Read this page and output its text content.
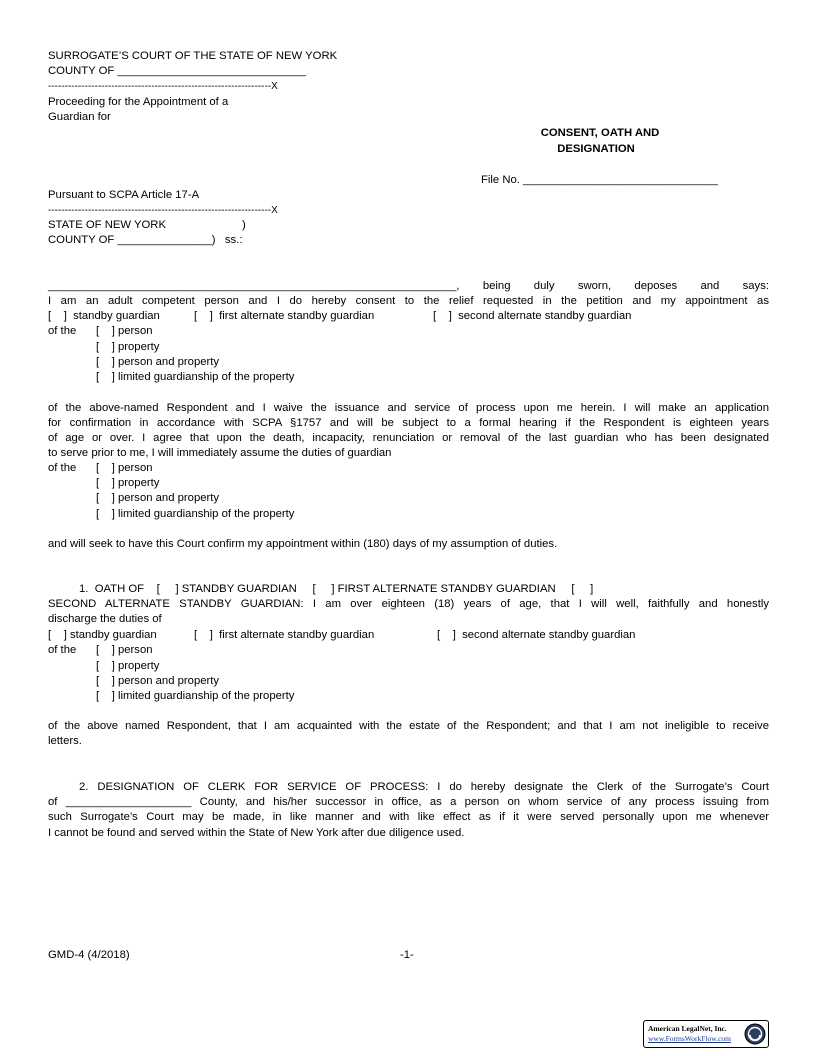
SURROGATE’S COURT OF THE STATE OF NEW YORK
COUNTY OF ______________________________
-------------------------------------------------------------------X
Proceeding for the Appointment of a
Guardian for
CONSENT, OATH AND
DESIGNATION
File No. _______________________________
Pursuant to SCPA Article 17-A
-------------------------------------------------------------------X
STATE OF NEW YORK	)
COUNTY OF _______________)   ss.:
_________________________________________________________________, being duly sworn, deposes and says:
I am an adult competent person and I do hereby consent to the relief requested in the petition and my appointment as
[    ]  standby guardian	[    ]  first alternate standby guardian	[    ]  second alternate standby guardian
of the [    ] person
[    ] property
[    ] person and property
[    ] limited guardianship of the property
of the above-named Respondent and I waive the issuance and service of process upon me herein. I will make an application
for confirmation in accordance with SCPA §1757 and will be subject to a formal hearing if the Respondent is eighteen years
of age or over. I agree that upon the death, incapacity, renunciation or removal of the last guardian who has been designated
to serve prior to me, I will immediately assume the duties of guardian
of the [    ] person
[    ] property
[    ] person and property
[    ] limited guardianship of the property
and will seek to have this Court confirm my appointment within (180) days of my assumption of duties.
1.  OATH OF    [     ] STANDBY GUARDIAN     [     ] FIRST ALTERNATE STANDBY GUARDIAN     [     ]
SECOND ALTERNATE STANDBY GUARDIAN: I am over eighteen (18) years of age, that I will well, faithfully and honestly
discharge the duties of
[    ] standby guardian	[    ]  first alternate standby guardian	[    ]  second alternate standby guardian
of the [    ] person
[    ] property
[    ] person and property
[    ] limited guardianship of the property
of the above named Respondent, that I am acquainted with the estate of the Respondent; and that I am not ineligible to receive
letters.
2. DESIGNATION OF CLERK FOR SERVICE OF PROCESS: I do hereby designate the Clerk of the Surrogate’s Court
of ____________________ County, and his/her successor in office, as a person on whom service of any process issuing from
such Surrogate’s Court may be made, in like manner and with like effect as if it were served personally upon me whenever
I cannot be found and served within the State of New York after due diligence used.
GMD-4 (4/2018)	-1-
American LegalNet, Inc.
www.FormsWorkFlow.com
